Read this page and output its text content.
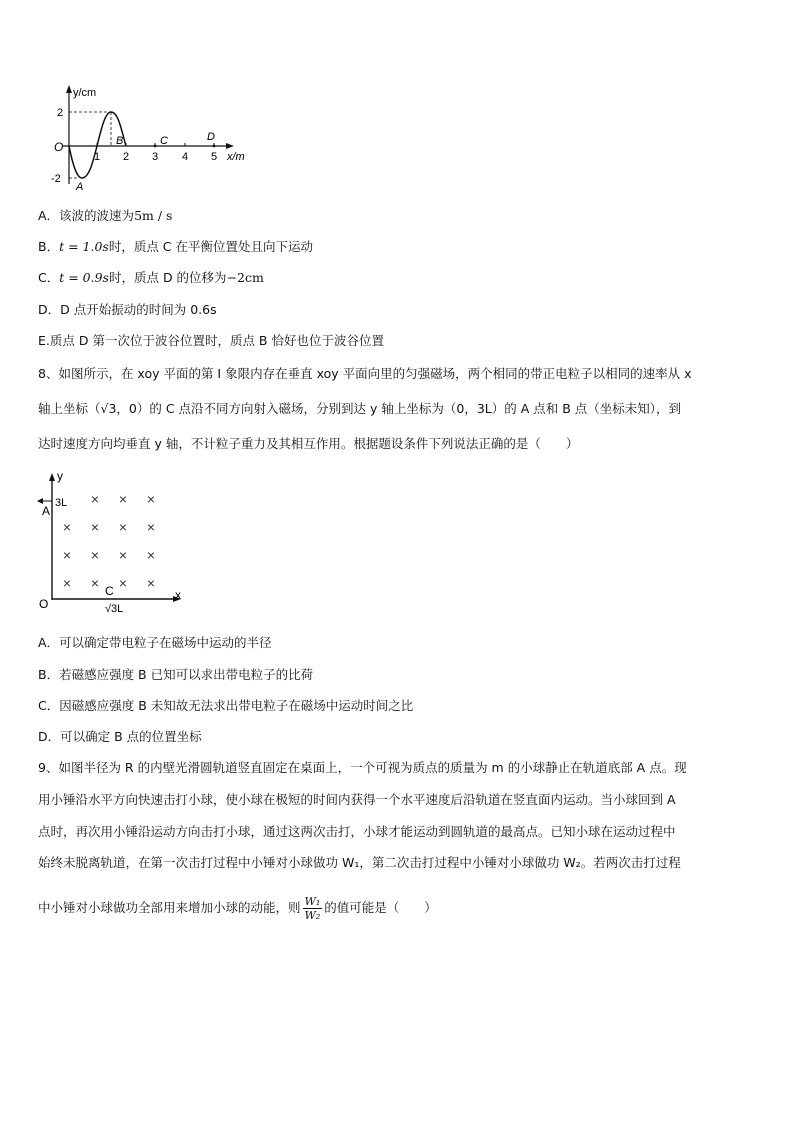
y/cm
2
-2
O
1 2 3 4 5 x/m
A
B	C	D
A．该波的波速为5m / s
B．t = 1.0s时，质点 C 在平衡位置处且向下运动
C．t = 0.9s时，质点 D 的位移为−2cm
D．D 点开始振动的时间为 0.6s
E.质点 D 第一次位于波谷位置时，质点 B 恰好也位于波谷位置
8、如图所示，在 xoy 平面的第 I 象限内存在垂直 xoy 平面向里的匀强磁场，两个相同的带正电粒子以相同的速率从 x
轴上坐标（√3，0）的 C 点沿不同方向射入磁场，分别到达 y 轴上坐标为（0，3L）的 A 点和 B 点（坐标未知），到
达时速度方向均垂直 y 轴，不计粒子重力及其相互作用。根据题设条件下列说法正确的是（　　）
y
x
O
A
3L
C
√3L
× × ×
× × × ×
× × × ×
× × × ×
A．可以确定带电粒子在磁场中运动的半径
B．若磁感应强度 B 已知可以求出带电粒子的比荷
C．因磁感应强度 B 未知故无法求出带电粒子在磁场中运动时间之比
D．可以确定 B 点的位置坐标
9、如图半径为 R 的内壁光滑圆轨道竖直固定在桌面上，一个可视为质点的质量为 m 的小球静止在轨道底部 A 点。现
用小锤沿水平方向快速击打小球，使小球在极短的时间内获得一个水平速度后沿轨道在竖直面内运动。当小球回到 A
点时，再次用小锤沿运动方向击打小球，通过这两次击打，小球才能运动到圆轨道的最高点。已知小球在运动过程中
始终未脱离轨道，在第一次击打过程中小锤对小球做功 W₁，第二次击打过程中小锤对小球做功 W₂。若两次击打过程
中小锤对小球做功全部用来增加小球的动能，则 $\frac{\text{W₁}}{\text{W₂}}$ 的值可能是（　　）
